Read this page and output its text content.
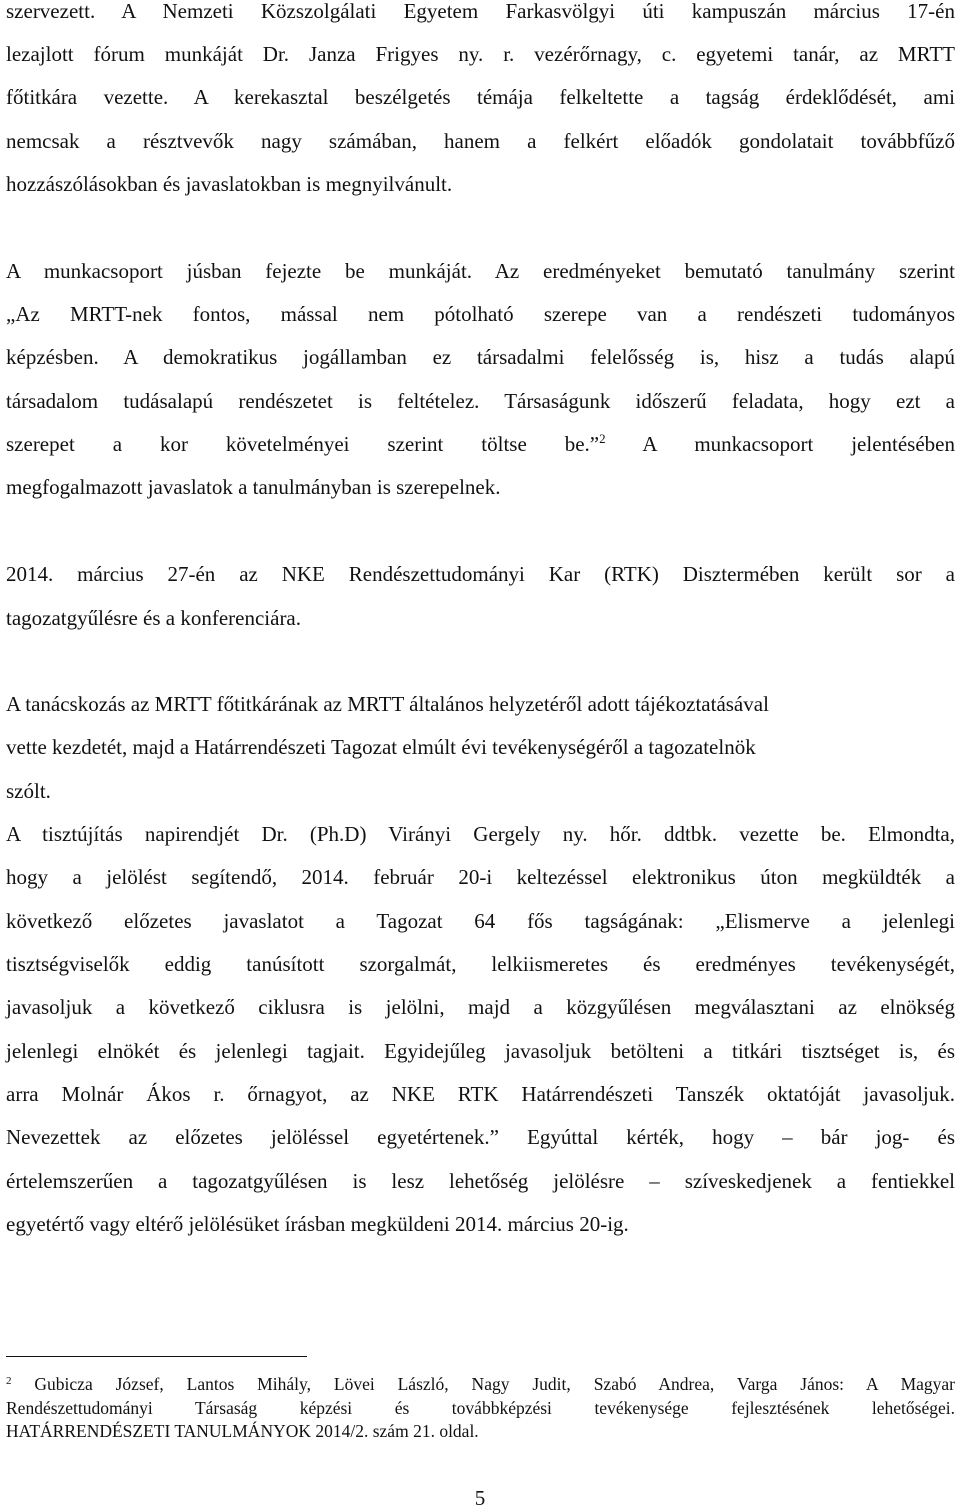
szervezett. A Nemzeti Közszolgálati Egyetem Farkasvölgyi úti kampuszán március 17-én
lezajlott fórum munkáját Dr. Janza Frigyes ny. r. vezérőrnagy, c. egyetemi tanár, az MRTT
főtitkára vezette. A kerekasztal beszélgetés témája felkeltette a tagság érdeklődését, ami
nemcsak a résztvevők nagy számában, hanem a felkért előadók gondolatait továbbfűző
hozzászólásokban és javaslatokban is megnyilvánult.
A munkacsoport júsban fejezte be munkáját. Az eredményeket bemutató tanulmány szerint
„Az MRTT-nek fontos, mással nem pótolható szerepe van a rendészeti tudományos
képzésben. A demokratikus jogállamban ez társadalmi felelősség is, hisz a tudás alapú
társadalom tudásalapú rendészetet is feltételez. Társaságunk időszerű feladata, hogy ezt a
szerepet a kor követelményei szerint töltse be.”$^2$ A munkacsoport jelentésében
megfogalmazott javaslatok a tanulmányban is szerepelnek.
2014. március 27-én az NKE Rendészettudományi Kar (RTK) Disztermében került sor a
tagozatgyűlésre és a konferenciára.
A tanácskozás az MRTT főtitkárának az MRTT általános helyzetéről adott tájékoztatásával
vette kezdetét, majd a Határrendészeti Tagozat elmúlt évi tevékenységéről a tagozatelnök
szólt.
A tisztújítás napirendjét Dr. (Ph.D) Virányi Gergely ny. hőr. ddtbk. vezette be. Elmondta,
hogy a jelölést segítendő, 2014. február 20-i keltezéssel elektronikus úton megküldték a
következő előzetes javaslatot a Tagozat 64 fős tagságának: „Elismerve a jelenlegi
tisztségviselők eddig tanúsított szorgalmát, lelkiismeretes és eredményes tevékenységét,
javasoljuk a következő ciklusra is jelölni, majd a közgyűlésen megválasztani az elnökség
jelenlegi elnökét és jelenlegi tagjait. Egyidejűleg javasoljuk betölteni a titkári tisztséget is, és
arra Molnár Ákos r. őrnagyot, az NKE RTK Határrendészeti Tanszék oktatóját javasoljuk.
Nevezettek az előzetes jelöléssel egyetértenek.” Egyúttal kérték, hogy – bár jog- és
értelemszerűen a tagozatgyűlésen is lesz lehetőség jelölésre – szíveskedjenek a fentiekkel
egyetértő vagy eltérő jelölésüket írásban megküldeni 2014. március 20-ig.
$^2$ Gubicza József, Lantos Mihály, Lövei László, Nagy Judit, Szabó Andrea, Varga János: A Magyar
Rendészettudományi Társaság képzési és továbbképzési tevékenysége fejlesztésének lehetőségei.
HATÁRRENDÉSZETI TANULMÁNYOK 2014/2. szám 21. oldal.
5
